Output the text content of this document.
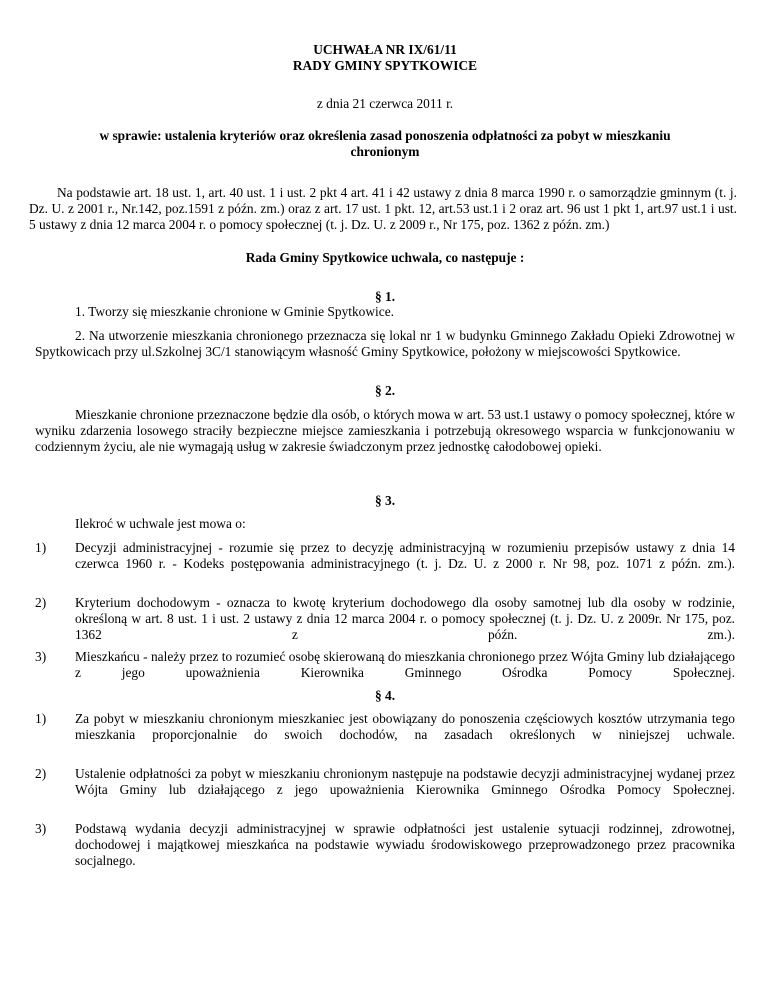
UCHWAŁA NR IX/61/11
RADY GMINY SPYTKOWICE
z dnia 21 czerwca 2011 r.
w sprawie: ustalenia kryteriów oraz określenia zasad ponoszenia odpłatności za pobyt w mieszkaniu chronionym
Na podstawie art. 18 ust. 1, art. 40 ust. 1 i ust. 2 pkt 4 art. 41 i 42 ustawy z dnia 8 marca 1990 r. o samorządzie gminnym (t. j. Dz. U. z 2001 r., Nr.142, poz.1591 z późn. zm.) oraz z art. 17 ust. 1 pkt. 12, art.53 ust.1 i 2 oraz art. 96 ust 1 pkt 1, art.97 ust.1 i ust. 5 ustawy z dnia 12 marca 2004 r. o pomocy społecznej (t. j. Dz. U. z 2009 r., Nr 175, poz. 1362 z późn. zm.)
Rada Gminy Spytkowice uchwala, co następuje :
§ 1.
1. Tworzy się mieszkanie chronione w Gminie Spytkowice.
2. Na utworzenie mieszkania chronionego przeznacza się lokal nr 1 w budynku Gminnego Zakładu Opieki Zdrowotnej w Spytkowicach przy ul.Szkolnej 3C/1 stanowiącym własność Gminy Spytkowice, położony w miejscowości Spytkowice.
§ 2.
Mieszkanie chronione przeznaczone będzie dla osób, o których mowa w art. 53 ust.1 ustawy o pomocy społecznej, które w wyniku zdarzenia losowego straciły bezpieczne miejsce zamieszkania i potrzebują okresowego wsparcia w funkcjonowaniu w codziennym życiu, ale nie wymagają usług w zakresie świadczonym przez jednostkę całodobowej opieki.
§ 3.
Ilekroć w uchwale jest mowa o:
1)	Decyzji administracyjnej - rozumie się przez to decyzję administracyjną w rozumieniu przepisów ustawy z dnia 14 czerwca 1960 r. - Kodeks postępowania administracyjnego (t. j. Dz. U. z 2000 r. Nr 98, poz. 1071 z późn. zm.).
2)	Kryterium dochodowym - oznacza to kwotę kryterium dochodowego dla osoby samotnej lub dla osoby w rodzinie, określoną w art. 8 ust. 1 i ust. 2 ustawy z dnia 12 marca 2004 r. o pomocy społecznej (t. j. Dz. U. z 2009r. Nr 175, poz. 1362 z późn. zm.).
3)	Mieszkańcu - należy przez to rozumieć osobę skierowaną do mieszkania chronionego przez Wójta Gminy lub działającego z jego upoważnienia Kierownika Gminnego Ośrodka Pomocy Społecznej.
§ 4.
1)	Za pobyt w mieszkaniu chronionym mieszkaniec jest obowiązany do ponoszenia częściowych kosztów utrzymania tego mieszkania proporcjonalnie do swoich dochodów, na zasadach określonych w niniejszej uchwale.
2)	Ustalenie odpłatności za pobyt w mieszkaniu chronionym następuje na podstawie decyzji administracyjnej wydanej przez Wójta Gminy lub działającego z jego upoważnienia Kierownika Gminnego Ośrodka Pomocy Społecznej.
3)	Podstawą wydania decyzji administracyjnej w sprawie odpłatności jest ustalenie sytuacji rodzinnej, zdrowotnej, dochodowej i majątkowej mieszkańca na podstawie wywiadu środowiskowego przeprowadzonego przez pracownika socjalnego.
